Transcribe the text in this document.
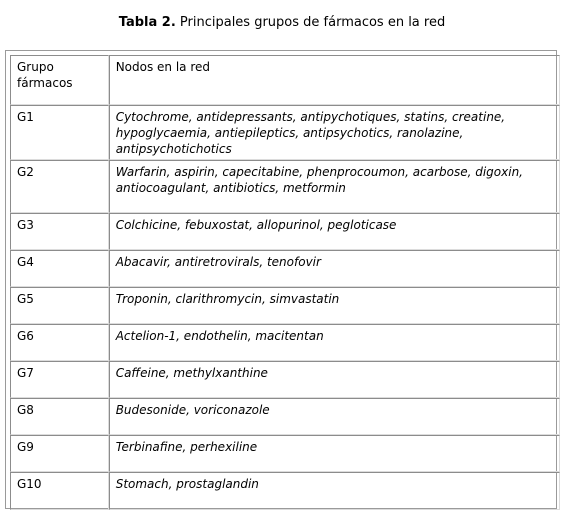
Tabla 2. Principales grupos de fármacos en la red
Grupo fármacos	Nodos en la red
G1	Cytochrome, antidepressants, antipychotiques, statins, creatine, hypoglycaemia, antiepileptics, antipsychotics, ranolazine, antipsychotichotics
G2	Warfarin, aspirin, capecitabine, phenprocoumon, acarbose, digoxin, antiocoagulant, antibiotics, metformin
G3	Colchicine, febuxostat, allopurinol, pegloticase
G4	Abacavir, antiretrovirals, tenofovir
G5	Troponin, clarithromycin, simvastatin
G6	Actelion-1, endothelin, macitentan
G7	Caffeine, methylxanthine
G8	Budesonide, voriconazole
G9	Terbinafine, perhexiline
G10	Stomach, prostaglandin
